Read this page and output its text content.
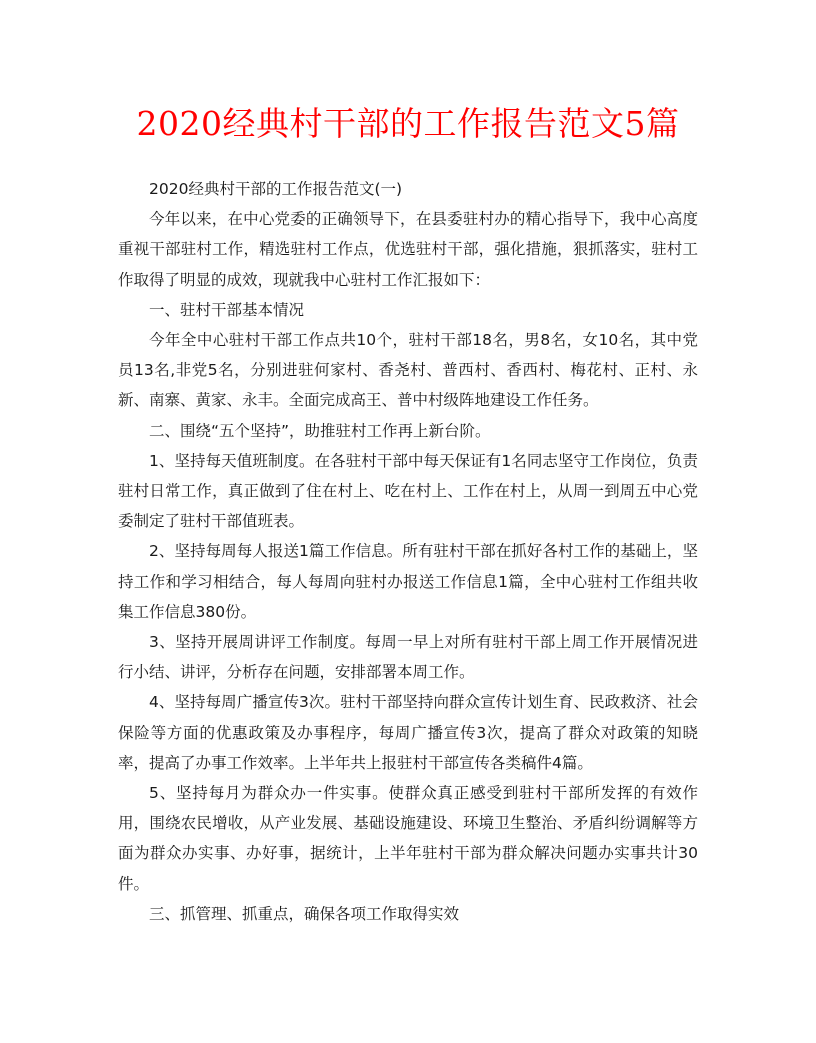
2020经典村干部的工作报告范文5篇

2020经典村干部的工作报告范文(一)

今年以来，在中心党委的正确领导下，在县委驻村办的精心指导下，我中心高度重视干部驻村工作，精选驻村工作点，优选驻村干部，强化措施，狠抓落实，驻村工作取得了明显的成效，现就我中心驻村工作汇报如下：

一、驻村干部基本情况

今年全中心驻村干部工作点共10个，驻村干部18名，男8名，女10名，其中党员13名,非党5名，分别进驻何家村、香尧村、普西村、香西村、梅花村、正村、永新、南寨、黄家、永丰。全面完成高王、普中村级阵地建设工作任务。

二、围绕“五个坚持”，助推驻村工作再上新台阶。

1、坚持每天值班制度。在各驻村干部中每天保证有1名同志坚守工作岗位，负责驻村日常工作，真正做到了住在村上、吃在村上、工作在村上，从周一到周五中心党委制定了驻村干部值班表。

2、坚持每周每人报送1篇工作信息。所有驻村干部在抓好各村工作的基础上，坚持工作和学习相结合，每人每周向驻村办报送工作信息1篇，全中心驻村工作组共收集工作信息380份。

3、坚持开展周讲评工作制度。每周一早上对所有驻村干部上周工作开展情况进行小结、讲评，分析存在问题，安排部署本周工作。

4、坚持每周广播宣传3次。驻村干部坚持向群众宣传计划生育、民政救济、社会保险等方面的优惠政策及办事程序，每周广播宣传3次，提高了群众对政策的知晓率，提高了办事工作效率。上半年共上报驻村干部宣传各类稿件4篇。

5、坚持每月为群众办一件实事。使群众真正感受到驻村干部所发挥的有效作用，围绕农民增收，从产业发展、基础设施建设、环境卫生整治、矛盾纠纷调解等方面为群众办实事、办好事，据统计，上半年驻村干部为群众解决问题办实事共计30件。

三、抓管理、抓重点，确保各项工作取得实效
